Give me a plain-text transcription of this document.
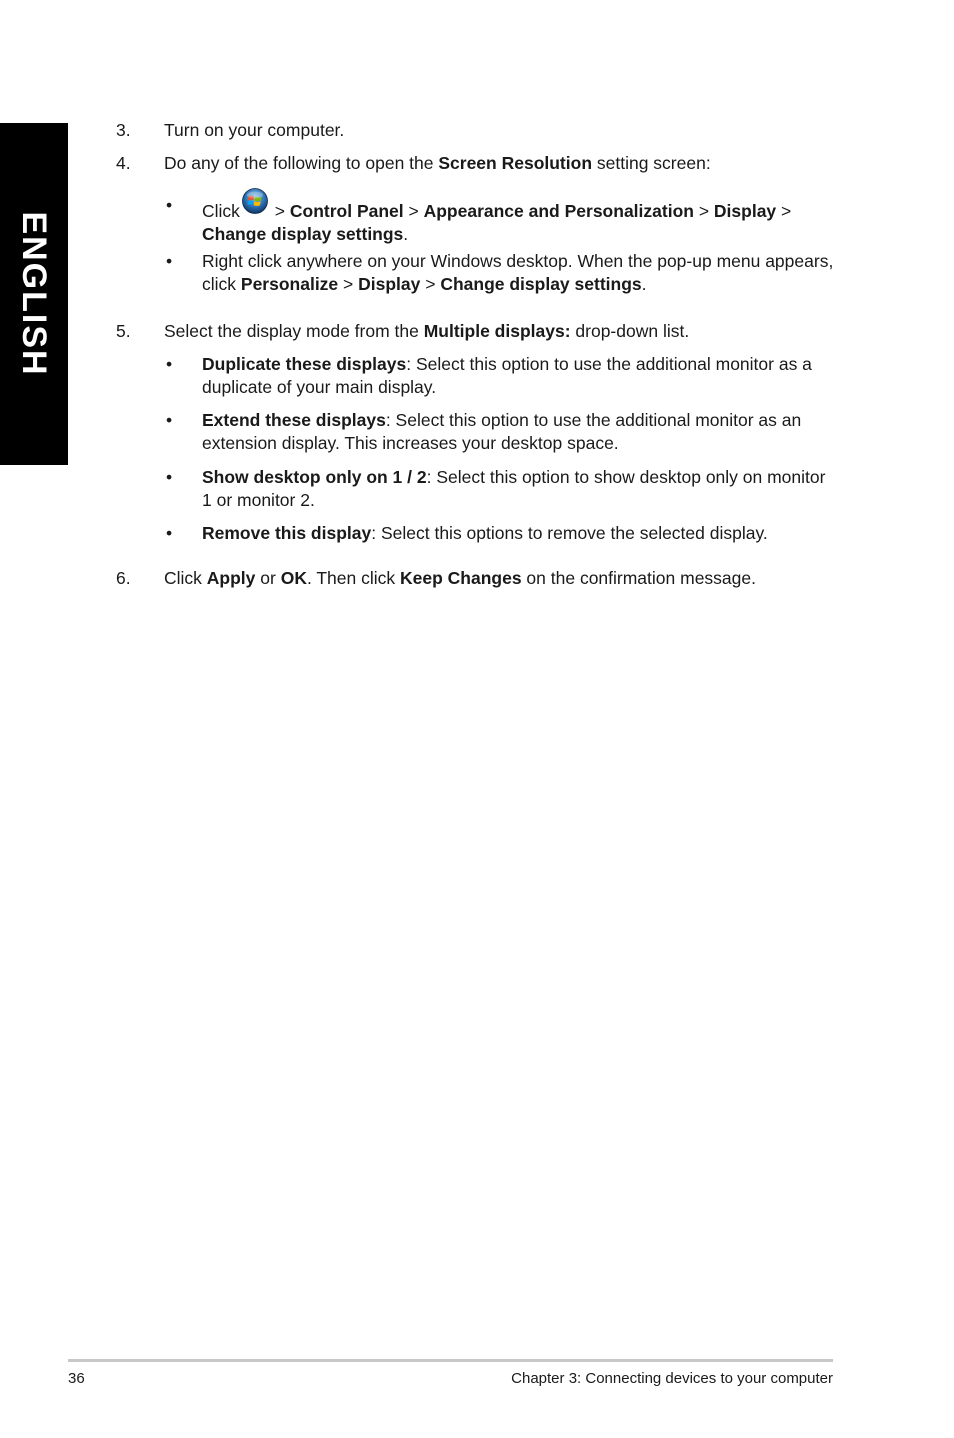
ENGLISH
3. Turn on your computer.
4. Do any of the following to open the Screen Resolution setting screen:
• Click > Control Panel > Appearance and Personalization > Display >
Change display settings.
• Right click anywhere on your Windows desktop. When the pop-up menu appears, click Personalize > Display > Change display settings.
5. Select the display mode from the Multiple displays: drop-down list.
• Duplicate these displays: Select this option to use the additional monitor as a duplicate of your main display.
• Extend these displays: Select this option to use the additional monitor as an extension display. This increases your desktop space.
• Show desktop only on 1 / 2: Select this option to show desktop only on monitor 1 or monitor 2.
• Remove this display: Select this options to remove the selected display.
6. Click Apply or OK. Then click Keep Changes on the confirmation message.
36	Chapter 3: Connecting devices to your computer
